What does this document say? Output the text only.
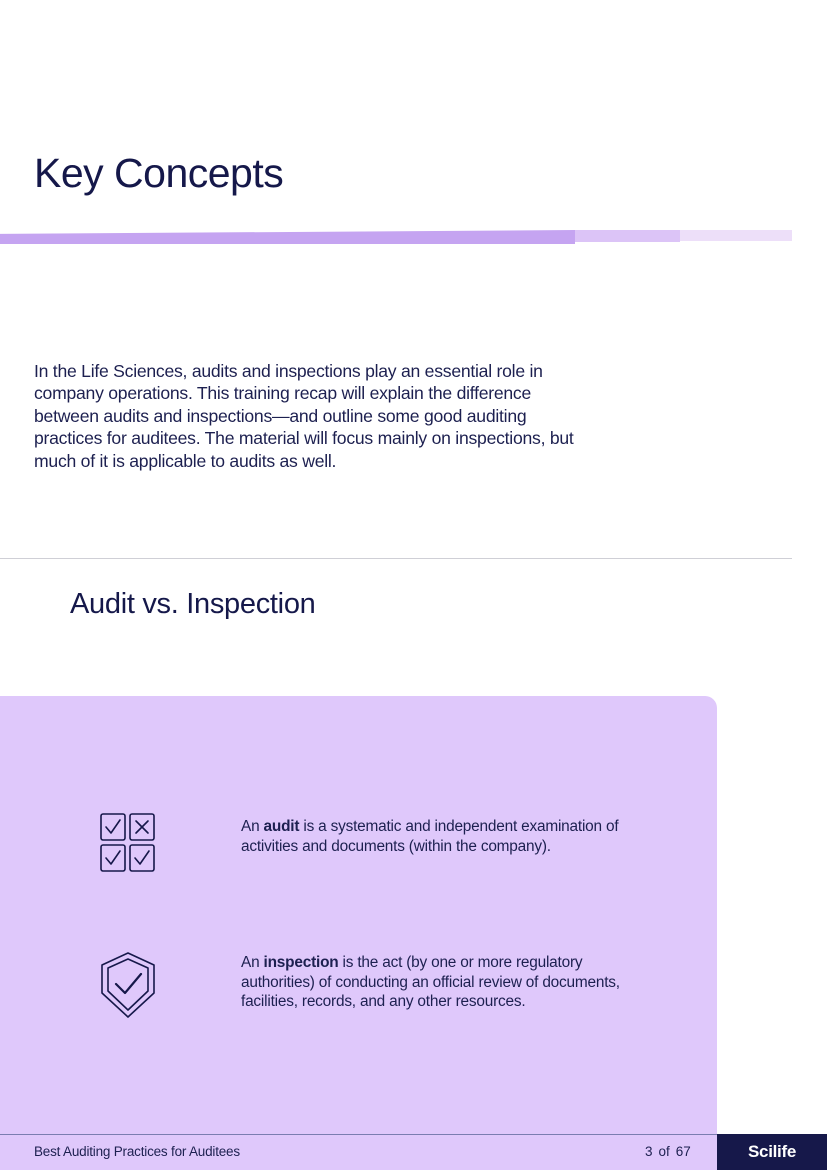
Key Concepts

In the Life Sciences, audits and inspections play an essential role in company operations. This training recap will explain the difference between audits and inspections—and outline some good auditing practices for auditees. The material will focus mainly on inspections, but much of it is applicable to audits as well.

Audit vs. Inspection

An audit is a systematic and independent examination of activities and documents (within the company).

An inspection is the act (by one or more regulatory authorities) of conducting an official review of documents, facilities, records, and any other resources.

Best Auditing Practices for Auditees	3 of 67	Scilife
